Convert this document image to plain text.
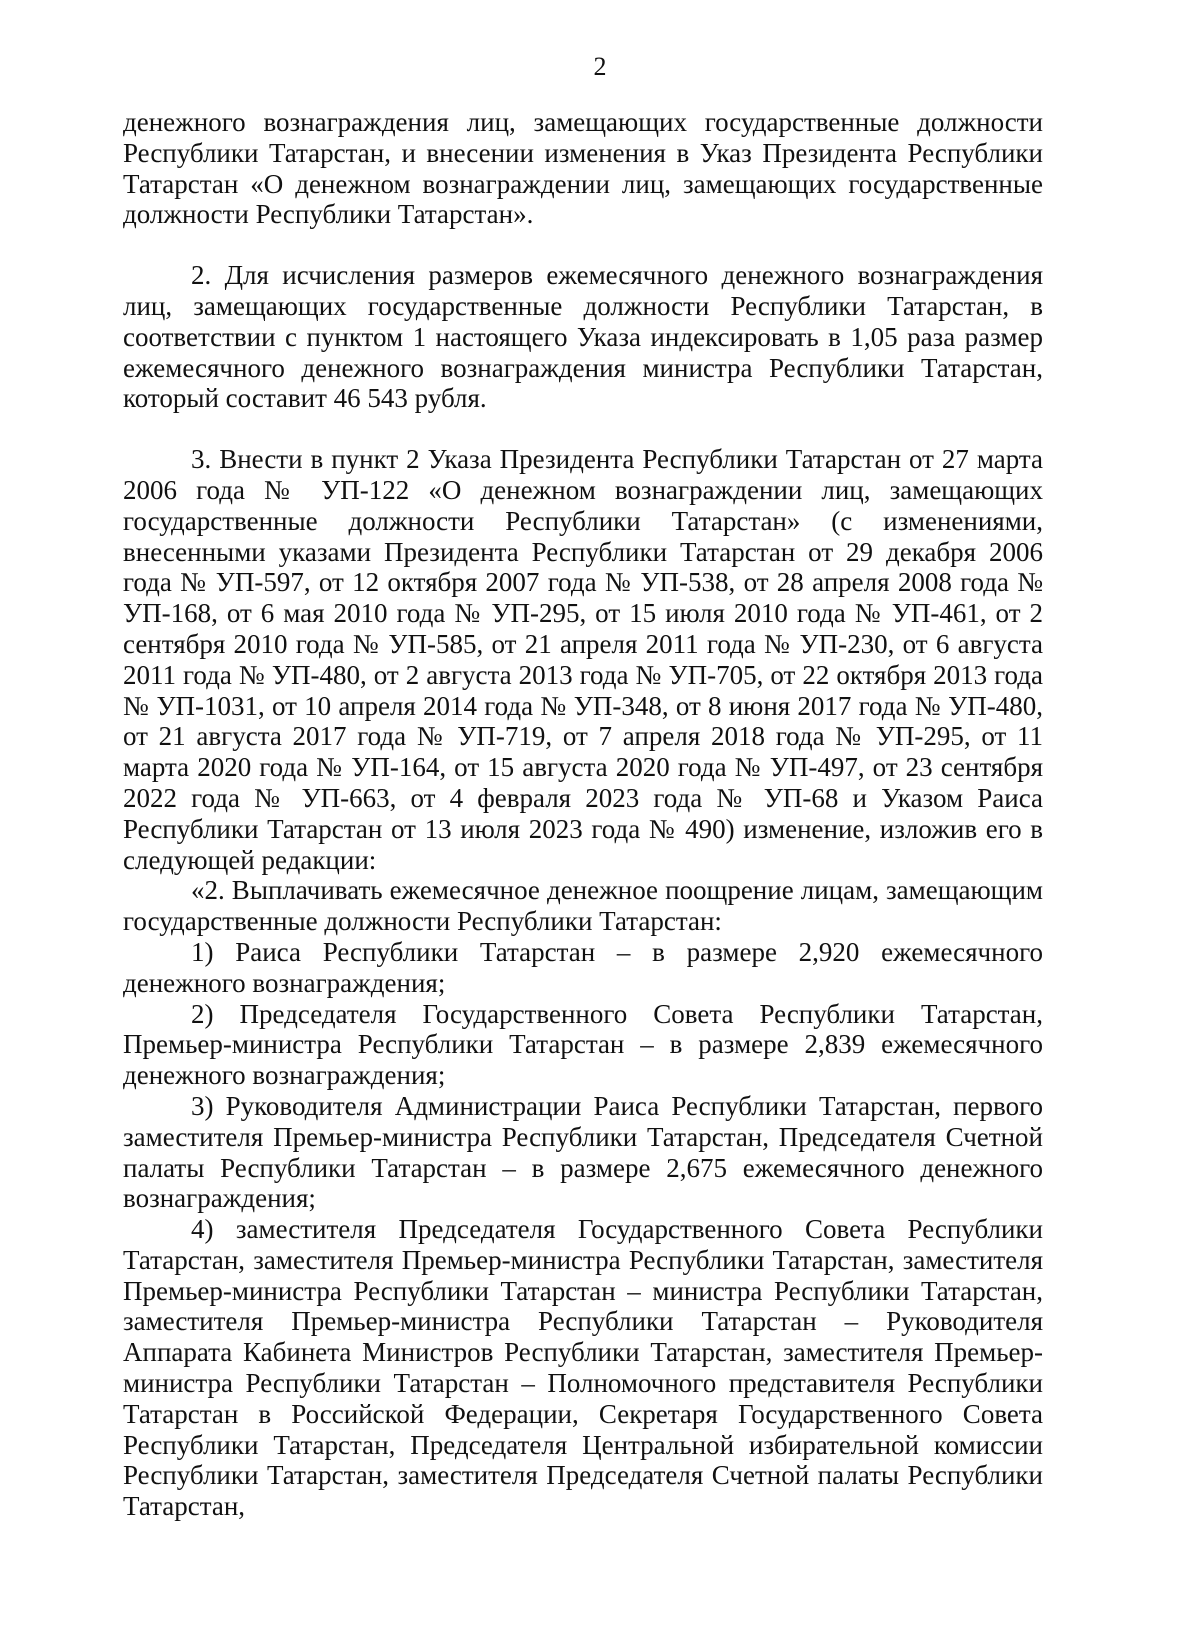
2

денежного вознаграждения лиц, замещающих государственные должности Республики Татарстан, и внесении изменения в Указ Президента Республики Татарстан «О денежном вознаграждении лиц, замещающих государственные должности Республики Татарстан».

2. Для исчисления размеров ежемесячного денежного вознаграждения лиц, замещающих государственные должности Республики Татарстан, в соответствии с пунктом 1 настоящего Указа индексировать в 1,05 раза размер ежемесячного денежного вознаграждения министра Республики Татарстан, который составит 46 543 рубля.

3. Внести в пункт 2 Указа Президента Республики Татарстан от 27 марта 2006 года № УП-122 «О денежном вознаграждении лиц, замещающих государственные должности Республики Татарстан» (с изменениями, внесенными указами Президента Республики Татарстан от 29 декабря 2006 года № УП-597, от 12 октября 2007 года № УП-538, от 28 апреля 2008 года № УП-168, от 6 мая 2010 года № УП-295, от 15 июля 2010 года № УП-461, от 2 сентября 2010 года № УП-585, от 21 апреля 2011 года № УП-230, от 6 августа 2011 года № УП-480, от 2 августа 2013 года № УП-705, от 22 октября 2013 года № УП-1031, от 10 апреля 2014 года № УП-348, от 8 июня 2017 года № УП-480, от 21 августа 2017 года № УП-719, от 7 апреля 2018 года № УП-295, от 11 марта 2020 года № УП-164, от 15 августа 2020 года № УП-497, от 23 сентября 2022 года № УП-663, от 4 февраля 2023 года № УП-68 и Указом Раиса Республики Татарстан от 13 июля 2023 года № 490) изменение, изложив его в следующей редакции:

«2. Выплачивать ежемесячное денежное поощрение лицам, замещающим государственные должности Республики Татарстан:

1) Раиса Республики Татарстан – в размере 2,920 ежемесячного денежного вознаграждения;

2) Председателя Государственного Совета Республики Татарстан, Премьер-министра Республики Татарстан – в размере 2,839 ежемесячного денежного вознаграждения;

3) Руководителя Администрации Раиса Республики Татарстан, первого заместителя Премьер-министра Республики Татарстан, Председателя Счетной палаты Республики Татарстан – в размере 2,675 ежемесячного денежного вознаграждения;

4) заместителя Председателя Государственного Совета Республики Татарстан, заместителя Премьер-министра Республики Татарстан, заместителя Премьер-министра Республики Татарстан – министра Республики Татарстан, заместителя Премьер-министра Республики Татарстан – Руководителя Аппарата Кабинета Министров Республики Татарстан, заместителя Премьер-министра Республики Татарстан – Полномочного представителя Республики Татарстан в Российской Федерации, Секретаря Государственного Совета Республики Татарстан, Председателя Центральной избирательной комиссии Республики Татарстан, заместителя Председателя Счетной палаты Республики Татарстан,
